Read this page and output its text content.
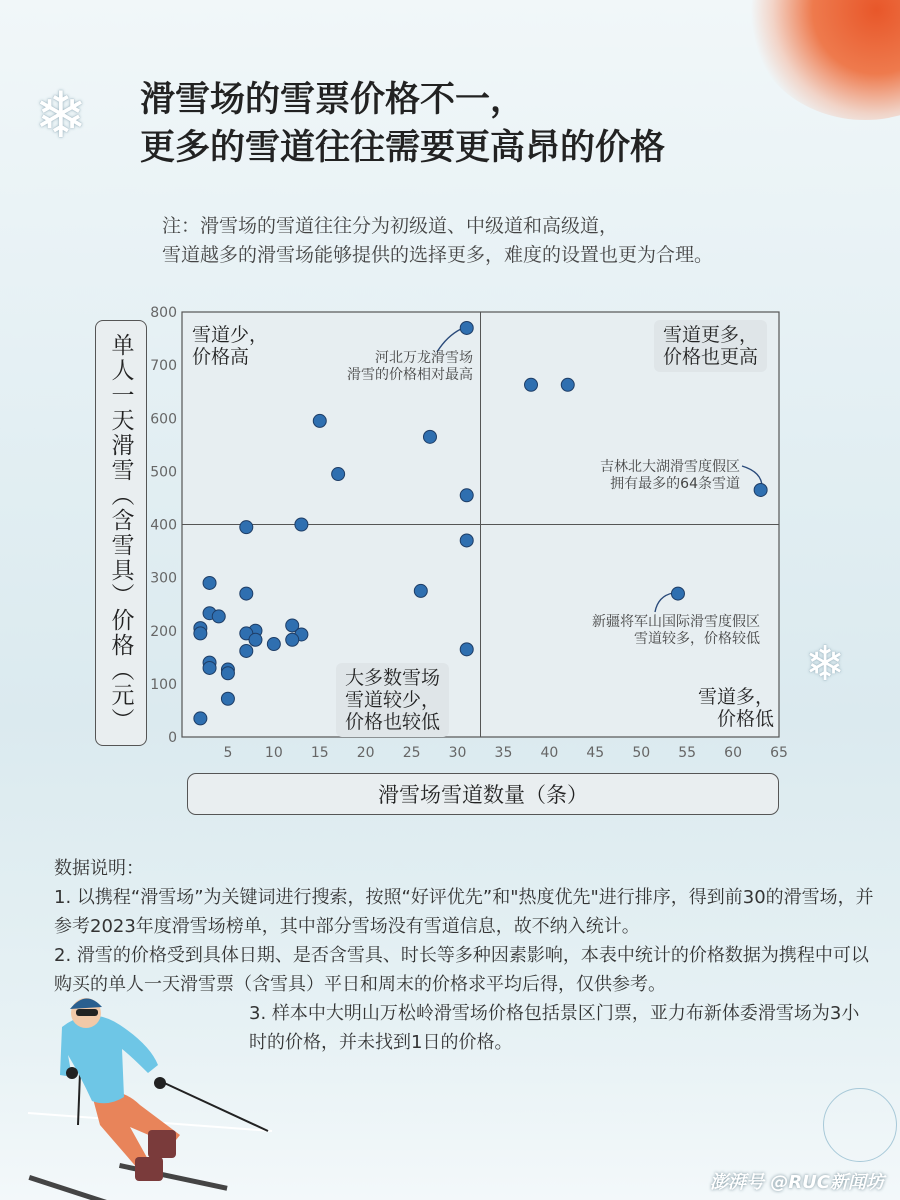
❄
❄
滑雪场的雪票价格不一，
更多的雪道往往需要更高昂的价格
注：滑雪场的雪道往往分为初级道、中级道和高级道，
雪道越多的滑雪场能够提供的选择更多，难度的设置也更为合理。
5 10 15 20 25 30 35 40 45 50 55 60 65
0
100
200
300
400
500
600
700
800
单人一天滑雪（含雪具）价格（元）
滑雪场雪道数量（条）
雪道少，
价格高
雪道更多，
价格也更高
大多数雪场
雪道较少，
价格也较低
雪道多，
价格低
河北万龙滑雪场
滑雪的价格相对最高
吉林北大湖滑雪度假区
拥有最多的64条雪道
新疆将军山国际滑雪度假区
雪道较多，价格较低

数据说明：

1. 以携程“滑雪场”为关键词进行搜索，按照“好评优先”和"热度优先"进行排序，得到前30的滑雪场，并参考2023年度滑雪场榜单，其中部分雪场没有雪道信息，故不纳入统计。

2. 滑雪的价格受到具体日期、是否含雪具、时长等多种因素影响，本表中统计的价格数据为携程中可以购买的单人一天滑雪票（含雪具）平日和周末的价格求平均后得，仅供参考。

3. 样本中大明山万松岭滑雪场价格包括景区门票，亚力布新体委滑雪场为3小时的价格，并未找到1日的价格。

澎湃号 @RUC新闻坊
